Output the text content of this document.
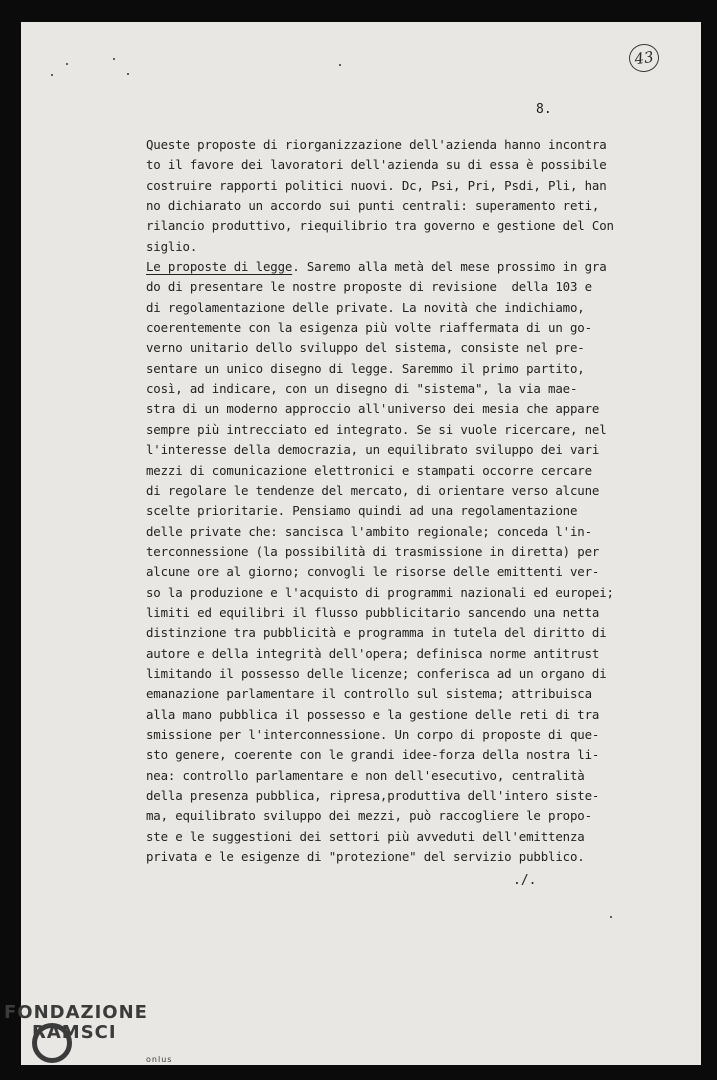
43
8.
Queste proposte di riorganizzazione dell'azienda hanno incontra
to il favore dei lavoratori dell'azienda su di essa è possibile
costruire rapporti politici nuovi. Dc, Psi, Pri, Psdi, Pli, han
no dichiarato un accordo sui punti centrali: superamento reti,
rilancio produttivo, riequilibrio tra governo e gestione del Con
siglio.
Le proposte di legge. Saremo alla metà del mese prossimo in gra
do di presentare le nostre proposte di revisione  della 103 e
di regolamentazione delle private. La novità che indichiamo,
coerentemente con la esigenza più volte riaffermata di un go-
verno unitario dello sviluppo del sistema, consiste nel pre-
sentare un unico disegno di legge. Saremmo il primo partito,
così, ad indicare, con un disegno di "sistema", la via mae-
stra di un moderno approccio all'universo dei mesia che appare
sempre più intrecciato ed integrato. Se si vuole ricercare, nel
l'interesse della democrazia, un equilibrato sviluppo dei vari
mezzi di comunicazione elettronici e stampati occorre cercare
di regolare le tendenze del mercato, di orientare verso alcune
scelte prioritarie. Pensiamo quindi ad una regolamentazione
delle private che: sancisca l'ambito regionale; conceda l'in-
terconnessione (la possibilità di trasmissione in diretta) per
alcune ore al giorno; convogli le risorse delle emittenti ver-
so la produzione e l'acquisto di programmi nazionali ed europei;
limiti ed equilibri il flusso pubblicitario sancendo una netta
distinzione tra pubblicità e programma in tutela del diritto di
autore e della integrità dell'opera; definisca norme antitrust
limitando il possesso delle licenze; conferisca ad un organo di
emanazione parlamentare il controllo sul sistema; attribuisca
alla mano pubblica il possesso e la gestione delle reti di tra
smissione per l'interconnessione. Un corpo di proposte di que-
sto genere, coerente con le grandi idee-forza della nostra li-
nea: controllo parlamentare e non dell'esecutivo, centralità
della presenza pubblica, ripresa,produttiva dell'intero siste-
ma, equilibrato sviluppo dei mezzi, può raccogliere le propo-
ste e le suggestioni dei settori più avveduti dell'emittenza
privata e le esigenze di "protezione" del servizio pubblico.
./.
FONDAZIONE
RAMSCI
onlus
